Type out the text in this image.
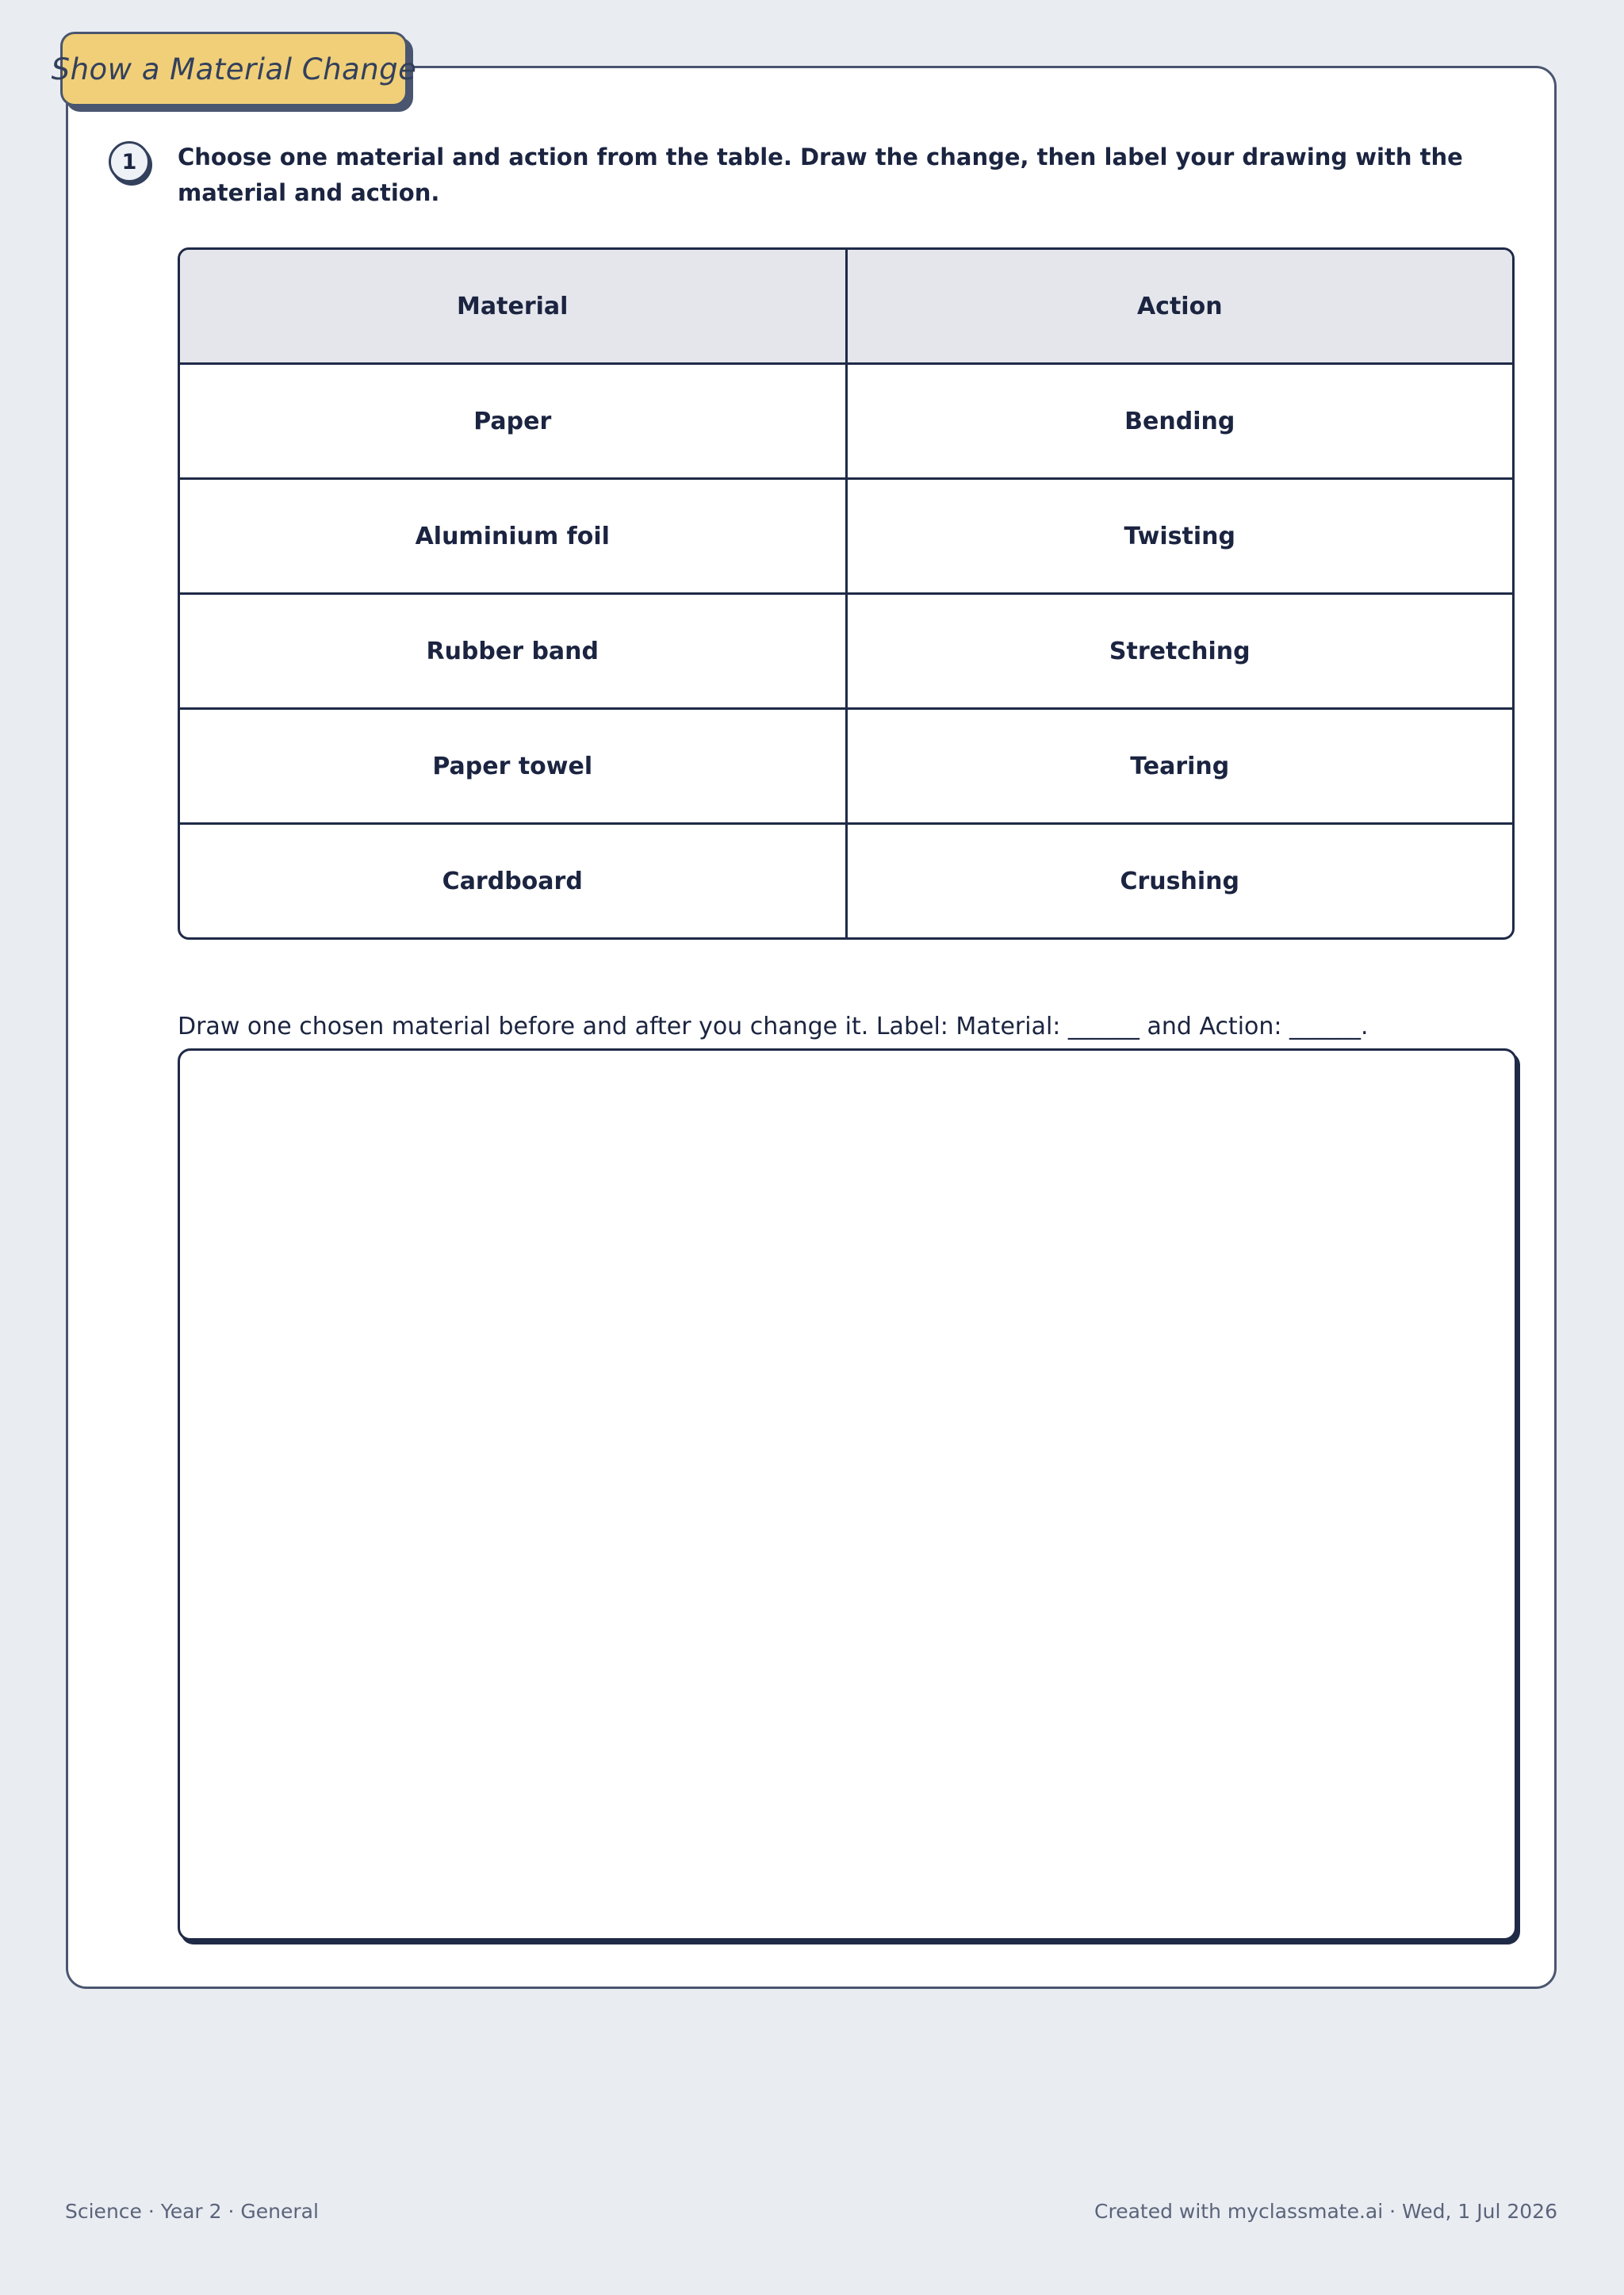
Show a Material Change
1	Choose one material and action from the table. Draw the change, then label your drawing with the material and action.
Material	Action
Paper	Bending
Aluminium foil	Twisting
Rubber band	Stretching
Paper towel	Tearing
Cardboard	Crushing
Draw one chosen material before and after you change it. Label: Material: ______ and Action: ______.
Science · Year 2 · General	Created with myclassmate.ai · Wed, 1 Jul 2026
